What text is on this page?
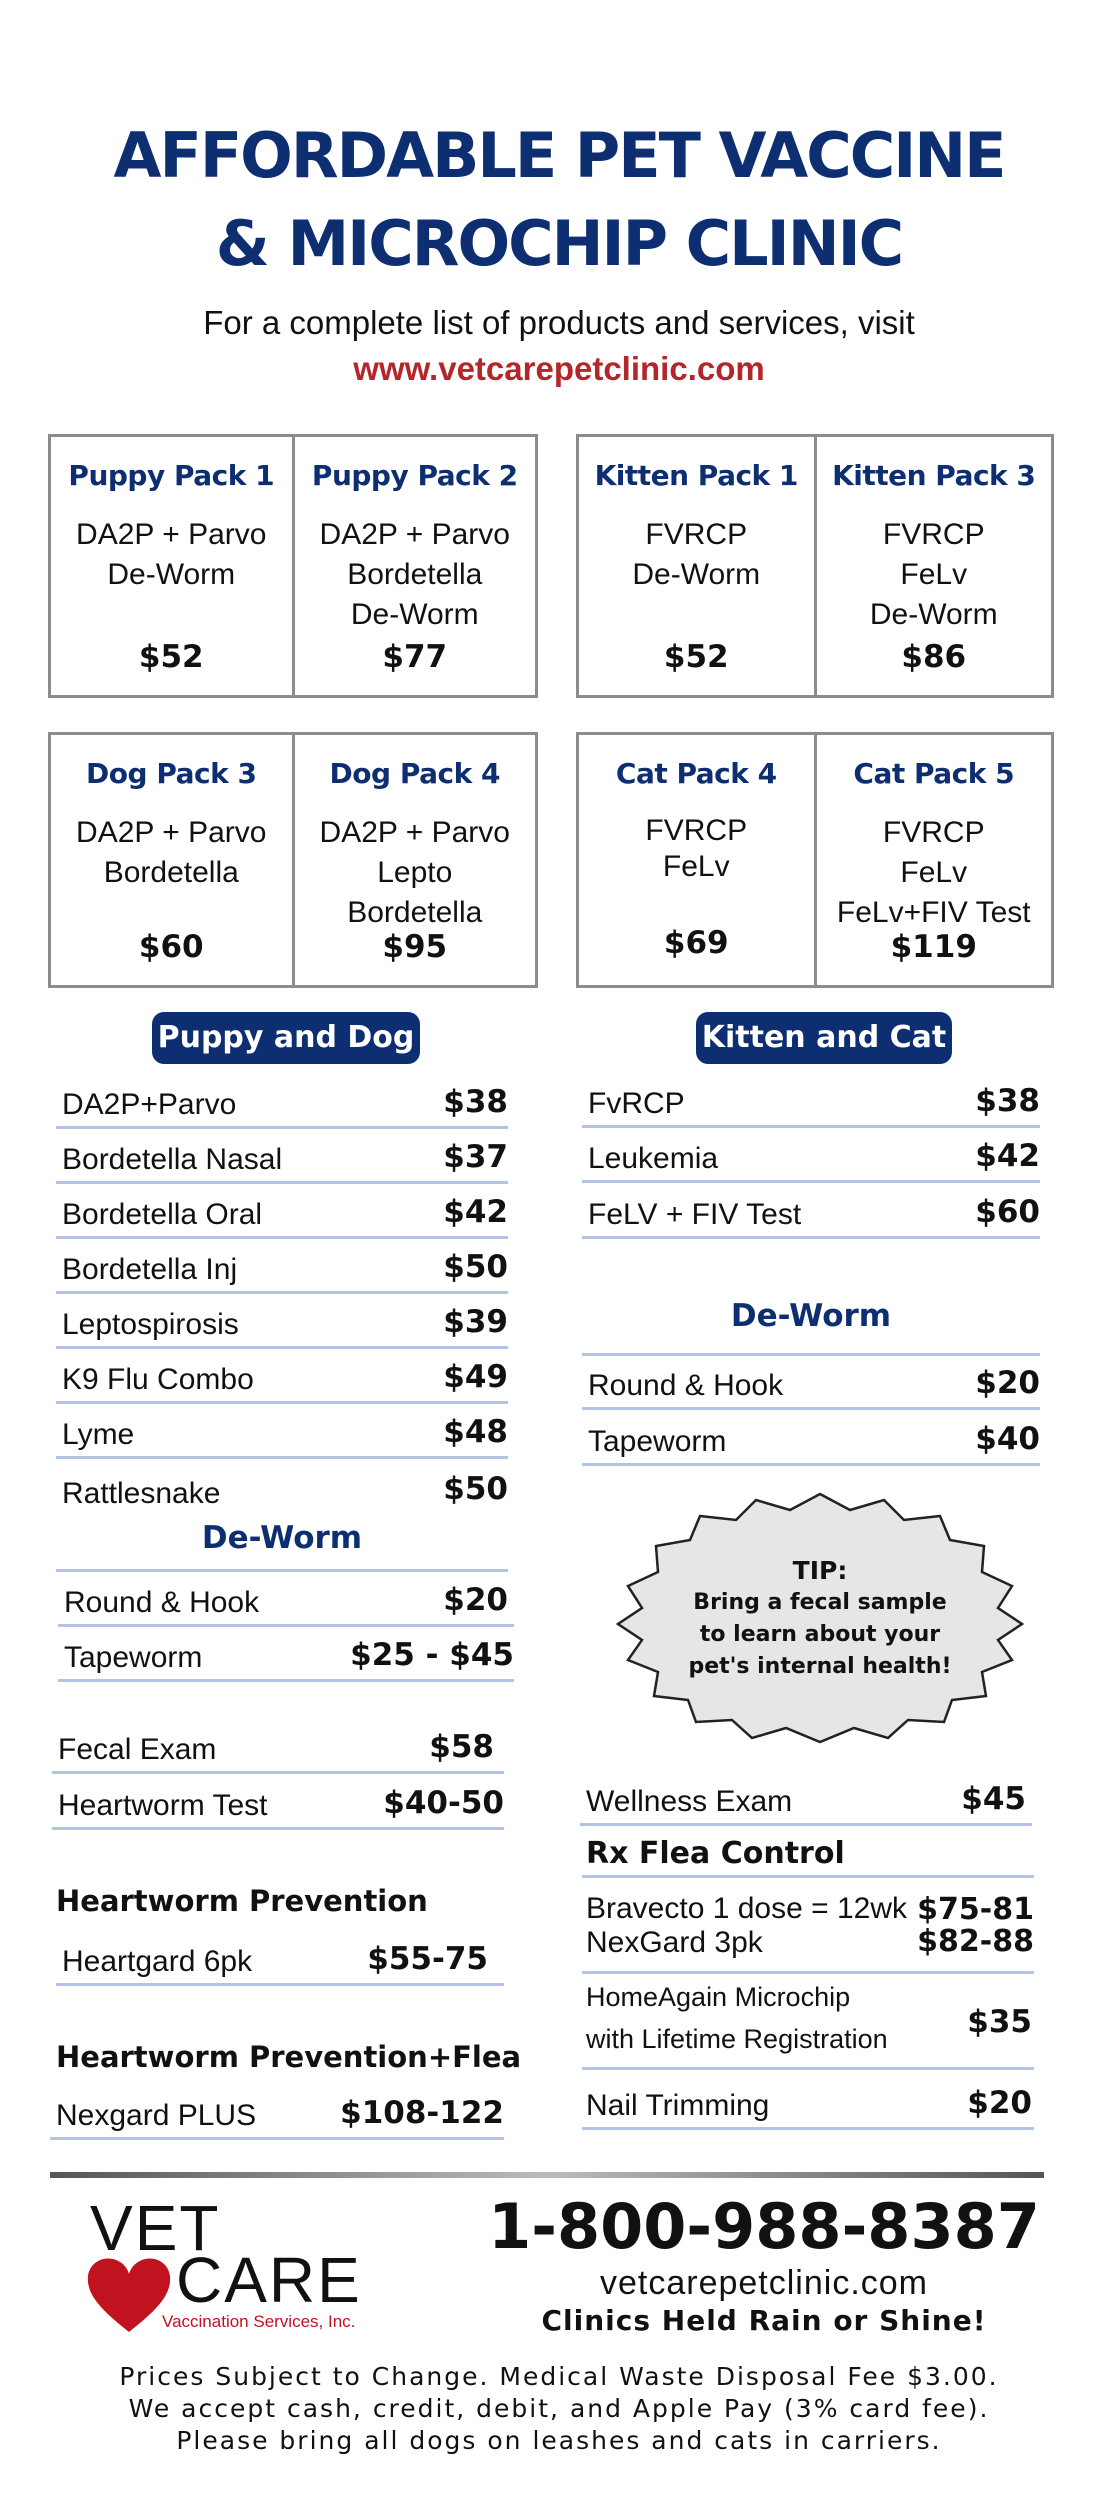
AFFORDABLE PET VACCINE
& MICROCHIP CLINIC
For a complete list of products and services, visit
www.vetcarepetclinic.com
Puppy Pack 1
DA2P + Parvo
De-Worm
$52
Puppy Pack 2
DA2P + Parvo
Bordetella
De-Worm
$77
Kitten Pack 1
FVRCP
De-Worm
$52
Kitten Pack 3
FVRCP
FeLv
De-Worm
$86
Dog Pack 3
DA2P + Parvo
Bordetella
$60
Dog Pack 4
DA2P + Parvo
Lepto
Bordetella
$95
Cat Pack 4
FVRCP
FeLv
$69
Cat Pack 5
FVRCP
FeLv
FeLv+FIV Test
$119
Puppy and Dog	Kitten and Cat
DA2P+Parvo	$38
Bordetella Nasal	$37
Bordetella Oral	$42
Bordetella Inj	$50
Leptospirosis	$39
K9 Flu Combo	$49
Lyme	$48
Rattlesnake	$50
De-Worm
Round & Hook	$20
Tapeworm	$25 - $45
Fecal Exam	$58
Heartworm Test	$40-50
Heartworm Prevention
Heartgard 6pk	$55-75
Heartworm Prevention+Flea
Nexgard PLUS	$108-122
FvRCP	$38
Leukemia	$42
FeLV + FIV Test	$60
De-Worm
Round & Hook	$20
Tapeworm	$40
TIP:
Bring a fecal sample
to learn about your
pet's internal health!
Wellness Exam	$45
Rx Flea Control
Bravecto 1 dose = 12wk $75-81
NexGard 3pk	$82-88
HomeAgain Microchip
with Lifetime Registration	$35
Nail Trimming	$20
VET
CARE
Vaccination Services, Inc.
1-800-988-8387
vetcarepetclinic.com
Clinics Held Rain or Shine!
Prices Subject to Change. Medical Waste Disposal Fee $3.00.
We accept cash, credit, debit, and Apple Pay (3% card fee).
Please bring all dogs on leashes and cats in carriers.
